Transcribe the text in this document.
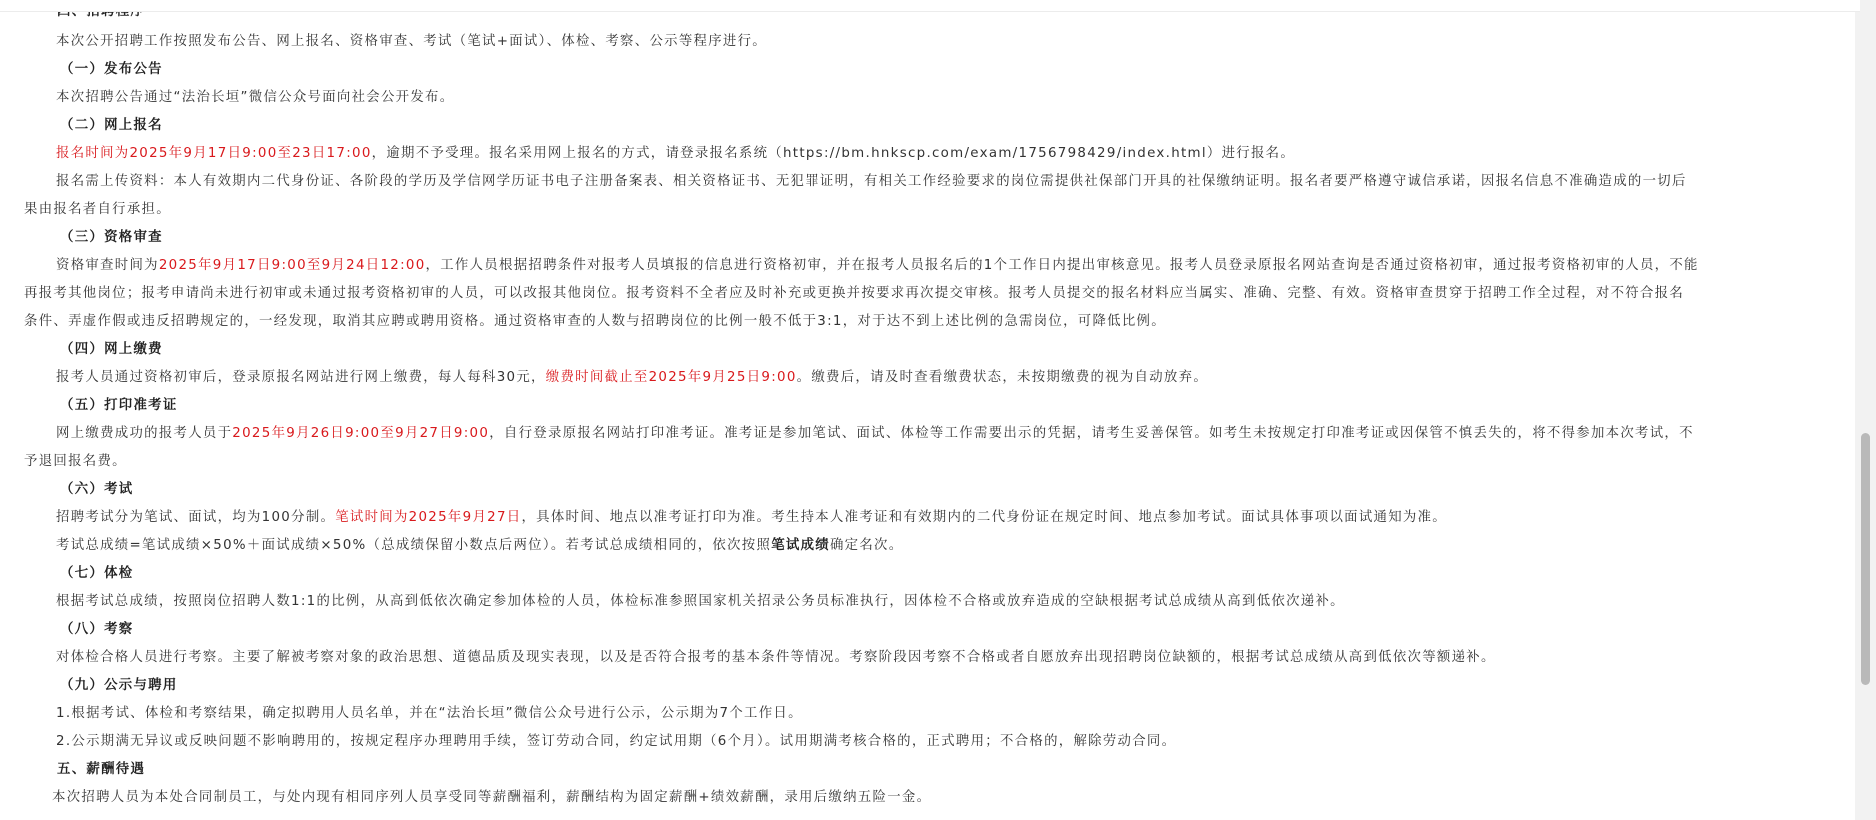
本次公开招聘工作按照发布公告、网上报名、资格审查、考试（笔试+面试）、体检、考察、公示等程序进行。
（一）发布公告
本次招聘公告通过“法治长垣”微信公众号面向社会公开发布。
（二）网上报名
报名时间为2025年9月17日9:00至23日17:00，逾期不予受理。报名采用网上报名的方式，请登录报名系统（https://bm.hnkscp.com/exam/1756798429/index.html）进行报名。
报名需上传资料：本人有效期内二代身份证、各阶段的学历及学信网学历证书电子注册备案表、相关资格证书、无犯罪证明，有相关工作经验要求的岗位需提供社保部门开具的社保缴纳证明。报名者要严格遵守诚信承诺，因报名信息不准确造成的一切后
果由报名者自行承担。
（三）资格审查
资格审查时间为2025年9月17日9:00至9月24日12:00，工作人员根据招聘条件对报考人员填报的信息进行资格初审，并在报考人员报名后的1个工作日内提出审核意见。报考人员登录原报名网站查询是否通过资格初审，通过报考资格初审的人员，不能
再报考其他岗位；报考申请尚未进行初审或未通过报考资格初审的人员，可以改报其他岗位。报考资料不全者应及时补充或更换并按要求再次提交审核。报考人员提交的报名材料应当属实、准确、完整、有效。资格审查贯穿于招聘工作全过程，对不符合报名
条件、弄虚作假或违反招聘规定的，一经发现，取消其应聘或聘用资格。通过资格审查的人数与招聘岗位的比例一般不低于3:1，对于达不到上述比例的急需岗位，可降低比例。
（四）网上缴费
报考人员通过资格初审后，登录原报名网站进行网上缴费，每人每科30元，缴费时间截止至2025年9月25日9:00。缴费后，请及时查看缴费状态，未按期缴费的视为自动放弃。
（五）打印准考证
网上缴费成功的报考人员于2025年9月26日9:00至9月27日9:00，自行登录原报名网站打印准考证。准考证是参加笔试、面试、体检等工作需要出示的凭据，请考生妥善保管。如考生未按规定打印准考证或因保管不慎丢失的，将不得参加本次考试，不
予退回报名费。
（六）考试
招聘考试分为笔试、面试，均为100分制。笔试时间为2025年9月27日，具体时间、地点以准考证打印为准。考生持本人准考证和有效期内的二代身份证在规定时间、地点参加考试。面试具体事项以面试通知为准。
考试总成绩=笔试成绩×50%＋面试成绩×50%（总成绩保留小数点后两位）。若考试总成绩相同的，依次按照笔试成绩确定名次。
（七）体检
根据考试总成绩，按照岗位招聘人数1:1的比例，从高到低依次确定参加体检的人员，体检标准参照国家机关招录公务员标准执行，因体检不合格或放弃造成的空缺根据考试总成绩从高到低依次递补。
（八）考察
对体检合格人员进行考察。主要了解被考察对象的政治思想、道德品质及现实表现，以及是否符合报考的基本条件等情况。考察阶段因考察不合格或者自愿放弃出现招聘岗位缺额的，根据考试总成绩从高到低依次等额递补。
（九）公示与聘用
1.根据考试、体检和考察结果，确定拟聘用人员名单，并在“法治长垣”微信公众号进行公示，公示期为7个工作日。
2.公示期满无异议或反映问题不影响聘用的，按规定程序办理聘用手续，签订劳动合同，约定试用期（6个月）。试用期满考核合格的，正式聘用；不合格的，解除劳动合同。
五、薪酬待遇
本次招聘人员为本处合同制员工，与处内现有相同序列人员享受同等薪酬福利，薪酬结构为固定薪酬+绩效薪酬，录用后缴纳五险一金。
